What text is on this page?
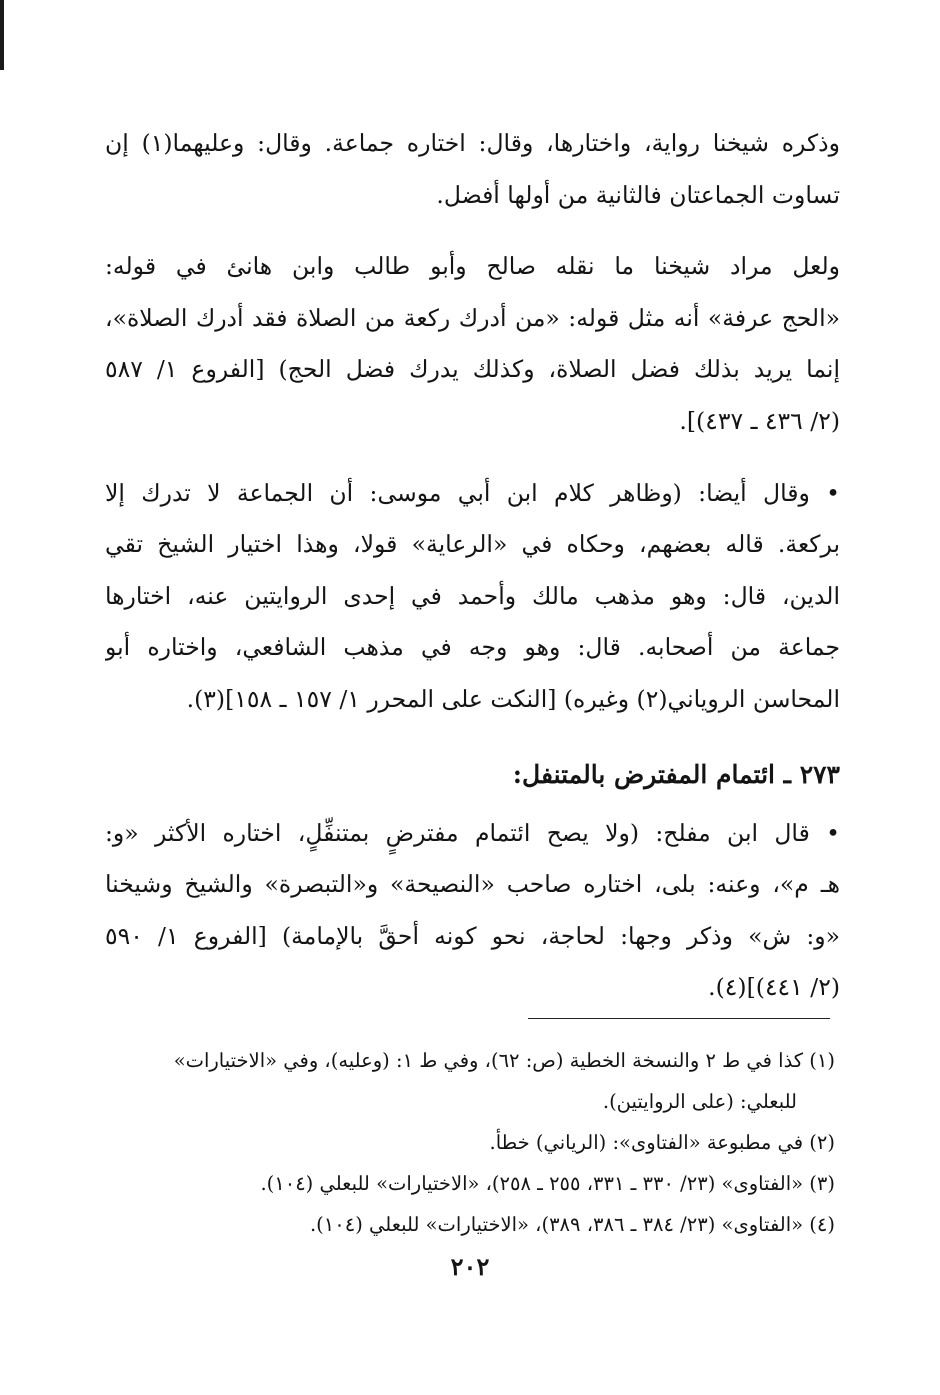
وذكره شيخنا رواية، واختارها، وقال: اختاره جماعة. وقال: وعليهما(١) إن
تساوت الجماعتان فالثانية من أولها أفضل.
ولعل مراد شيخنا ما نقله صالح وأبو طالب وابن هانئ في قوله:
«الحج عرفة» أنه مثل قوله: «من أدرك ركعة من الصلاة فقد أدرك الصلاة»،
إنما يريد بذلك فضل الصلاة، وكذلك يدرك فضل الحج) [الفروع ١/ ٥٨٧
(٢/ ٤٣٦ ـ ٤٣٧)].
• وقال أيضا: (وظاهر كلام ابن أبي موسى: أن الجماعة لا تدرك إلا
بركعة. قاله بعضهم، وحكاه في «الرعاية» قولا، وهذا اختيار الشيخ تقي
الدين، قال: وهو مذهب مالك وأحمد في إحدى الروايتين عنه، اختارها
جماعة من أصحابه. قال: وهو وجه في مذهب الشافعي، واختاره أبو
المحاسن الروياني(٢) وغيره) [النكت على المحرر ١/ ١٥٧ ـ ١٥٨](٣).
٢٧٣ ـ ائتمام المفترض بالمتنفل:
• قال ابن مفلح: (ولا يصح ائتمام مفترضٍ بمتنفِّلٍ، اختاره الأكثر «و:
هـ م»، وعنه: بلى، اختاره صاحب «النصيحة» و«التبصرة» والشيخ وشيخنا
«و: ش» وذكر وجها: لحاجة، نحو كونه أحقَّ بالإمامة) [الفروع ١/ ٥٩٠
(٢/ ٤٤١)](٤).
(١) كذا في ط ٢ والنسخة الخطية (ص: ٦٢)، وفي ط ١: (وعليه)، وفي «الاختيارات»
للبعلي: (على الروايتين).
(٢) في مطبوعة «الفتاوى»: (الرياني) خطأ.
(٣) «الفتاوى» (٢٣/ ٣٣٠ ـ ٣٣١، ٢٥٥ ـ ٢٥٨)، «الاختيارات» للبعلي (١٠٤).
(٤) «الفتاوى» (٢٣/ ٣٨٤ ـ ٣٨٦، ٣٨٩)، «الاختيارات» للبعلي (١٠٤).
٢٠٢
